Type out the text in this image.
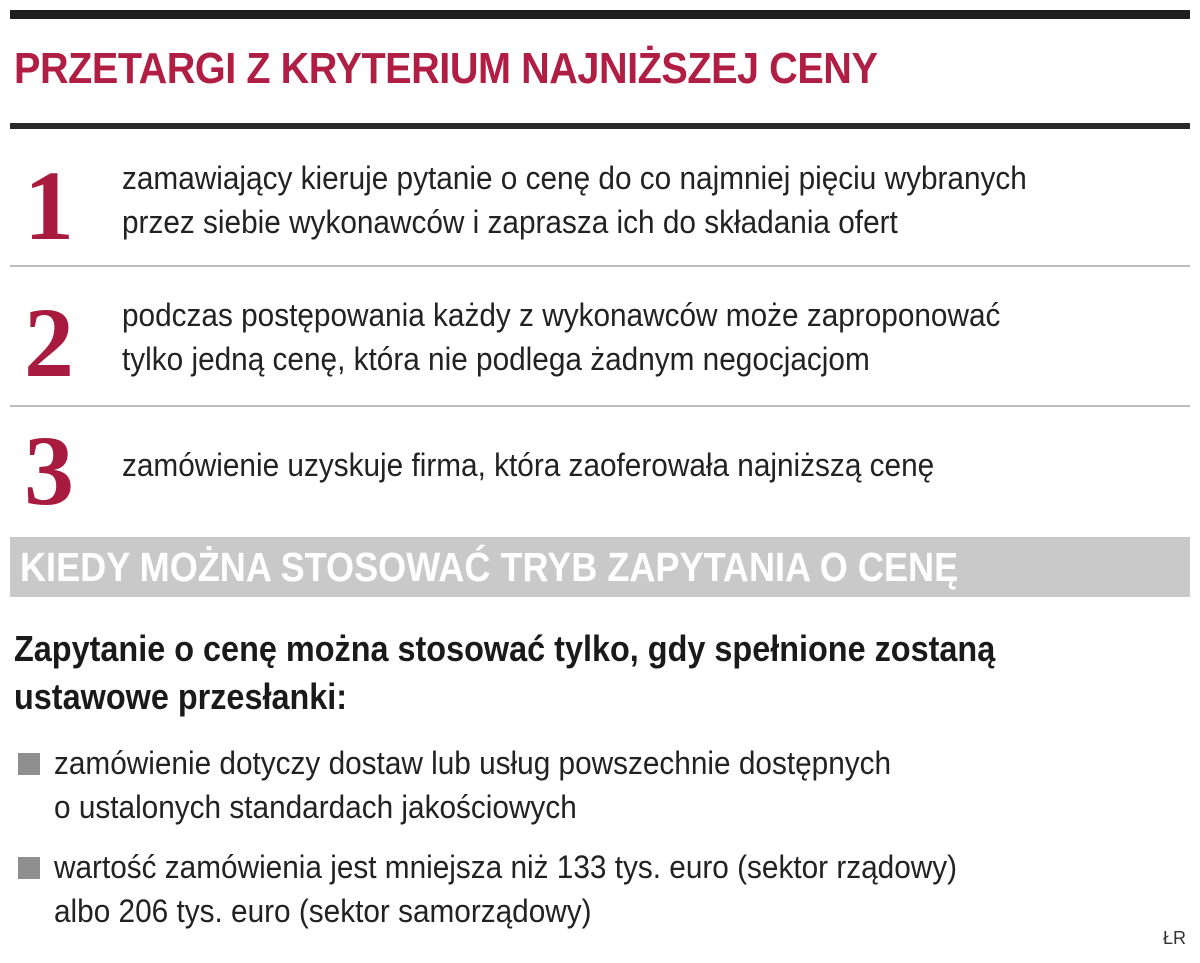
PRZETARGI Z KRYTERIUM NAJNIŻSZEJ CENY
1 zamawiający kieruje pytanie o cenę do co najmniej pięciu wybranych
przez siebie wykonawców i zaprasza ich do składania ofert
2 podczas postępowania każdy z wykonawców może zaproponować
tylko jedną cenę, która nie podlega żadnym negocjacjom
3 zamówienie uzyskuje firma, która zaoferowała najniższą cenę
KIEDY MOŻNA STOSOWAĆ TRYB ZAPYTANIA O CENĘ
Zapytanie o cenę można stosować tylko, gdy spełnione zostaną
ustawowe przesłanki:
zamówienie dotyczy dostaw lub usług powszechnie dostępnych
o ustalonych standardach jakościowych
wartość zamówienia jest mniejsza niż 133 tys. euro (sektor rządowy)
albo 206 tys. euro (sektor samorządowy)
ŁR
